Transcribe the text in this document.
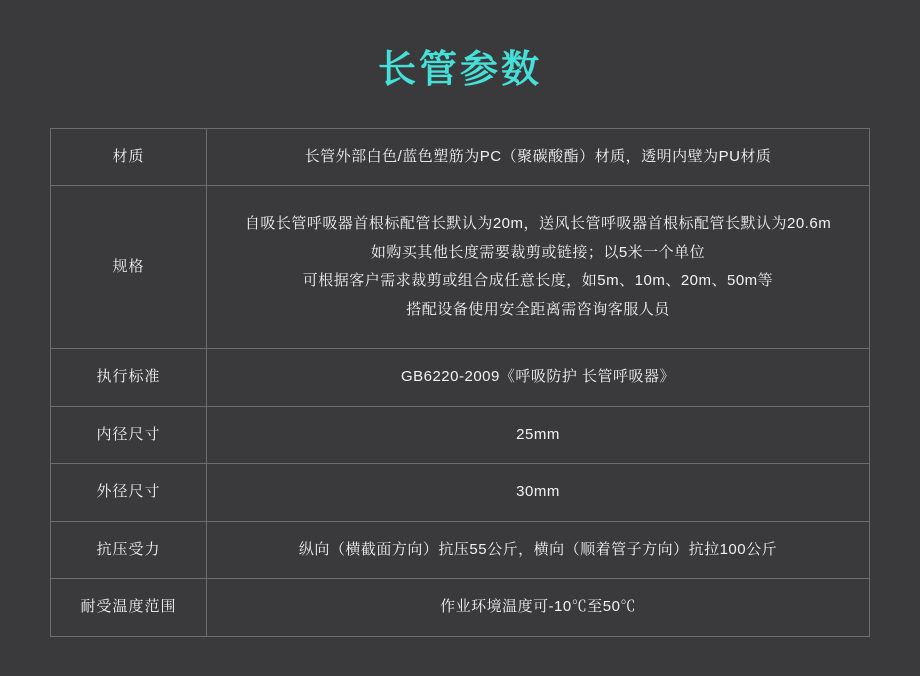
长管参数
材质	长管外部白色/蓝色塑筋为PC（聚碳酸酯）材质，透明内壁为PU材质

规格	自吸长管呼吸器首根标配管长默认为20m，送风长管呼吸器首根标配管长默认为20.6m
如购买其他长度需要裁剪或链接；以5米一个单位
可根据客户需求裁剪或组合成任意长度，如5m、10m、20m、50m等
搭配设备使用安全距离需咨询客服人员

执行标准	GB6220-2009《呼吸防护 长管呼吸器》

内径尺寸	25mm

外径尺寸	30mm

抗压受力	纵向（横截面方向）抗压55公斤，横向（顺着管子方向）抗拉100公斤

耐受温度范围	作业环境温度可-10℃至50℃
